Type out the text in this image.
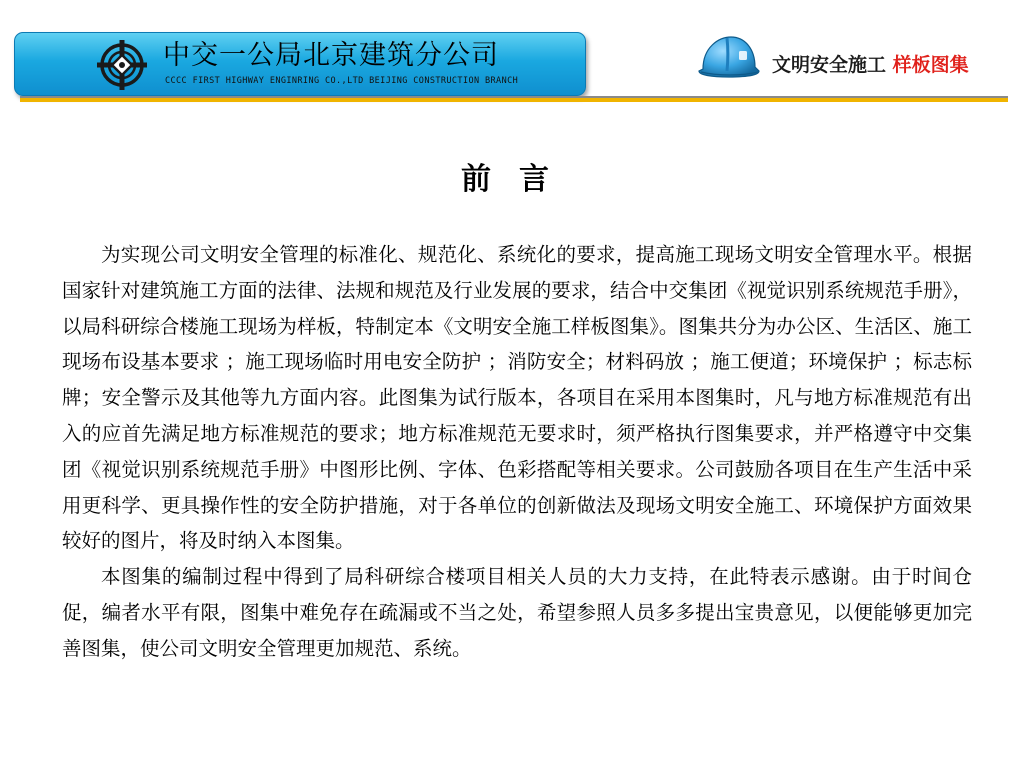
中交一公局北京建筑分公司
CCCC FIRST HIGHWAY ENGINRING CO.,LTD BEIJING CONSTRUCTION BRANCH
文明安全施工 样板图集
前言

为实现公司文明安全管理的标准化、规范化、系统化的要求，提高施工现场文明安全管理水平。根据国家针对建筑施工方面的法律、法规和规范及行业发展的要求，结合中交集团《视觉识别系统规范手册》，以局科研综合楼施工现场为样板，特制定本《文明安全施工样板图集》。图集共分为办公区、生活区、施工现场布设基本要求 ；施工现场临时用电安全防护 ；消防安全；材料码放 ；施工便道；环境保护 ；标志标牌；安全警示及其他等九方面内容。此图集为试行版本，各项目在采用本图集时，凡与地方标准规范有出入的应首先满足地方标准规范的要求；地方标准规范无要求时，须严格执行图集要求，并严格遵守中交集团《视觉识别系统规范手册》中图形比例、字体、色彩搭配等相关要求。公司鼓励各项目在生产生活中采用更科学、更具操作性的安全防护措施，对于各单位的创新做法及现场文明安全施工、环境保护方面效果较好的图片，将及时纳入本图集。

本图集的编制过程中得到了局科研综合楼项目相关人员的大力支持，在此特表示感谢。由于时间仓促，编者水平有限，图集中难免存在疏漏或不当之处，希望参照人员多多提出宝贵意见，以便能够更加完善图集，使公司文明安全管理更加规范、系统。
